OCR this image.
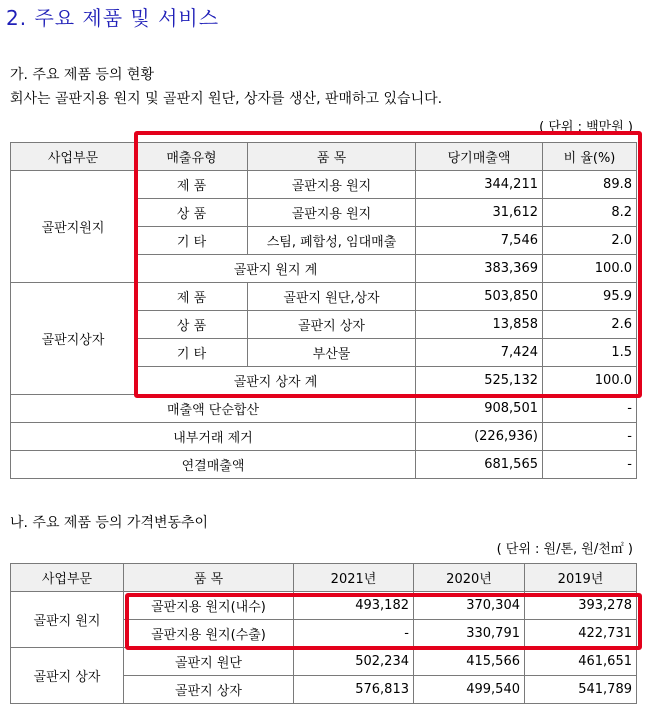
2. 주요 제품 및 서비스
가. 주요 제품 등의 현황
회사는 골판지용 원지 및 골판지 원단, 상자를 생산, 판매하고 있습니다.
( 단위 : 백만원 )
사업부문	매출유형	품 목	당기매출액	비 율(%)
골판지원지	제 품	골판지용 원지	344,211	89.8
	상 품	골판지용 원지	31,612	8.2
	기 타	스팀, 폐합성, 임대매출	7,546	2.0
	골판지 원지 계		383,369	100.0
골판지상자	제 품	골판지 원단,상자	503,850	95.9
	상 품	골판지 상자	13,858	2.6
	기 타	부산물	7,424	1.5
	골판지 상자 계		525,132	100.0
매출액 단순합산			908,501	-
내부거래 제거			(226,936)	-
연결매출액			681,565	-
나. 주요 제품 등의 가격변동추이
( 단위 : 원/톤, 원/천㎡ )
사업부문	품 목	2021년	2020년	2019년
골판지 원지	골판지용 원지(내수)	493,182	370,304	393,278
	골판지용 원지(수출)	-	330,791	422,731
골판지 상자	골판지 원단	502,234	415,566	461,651
	골판지 상자	576,813	499,540	541,789
